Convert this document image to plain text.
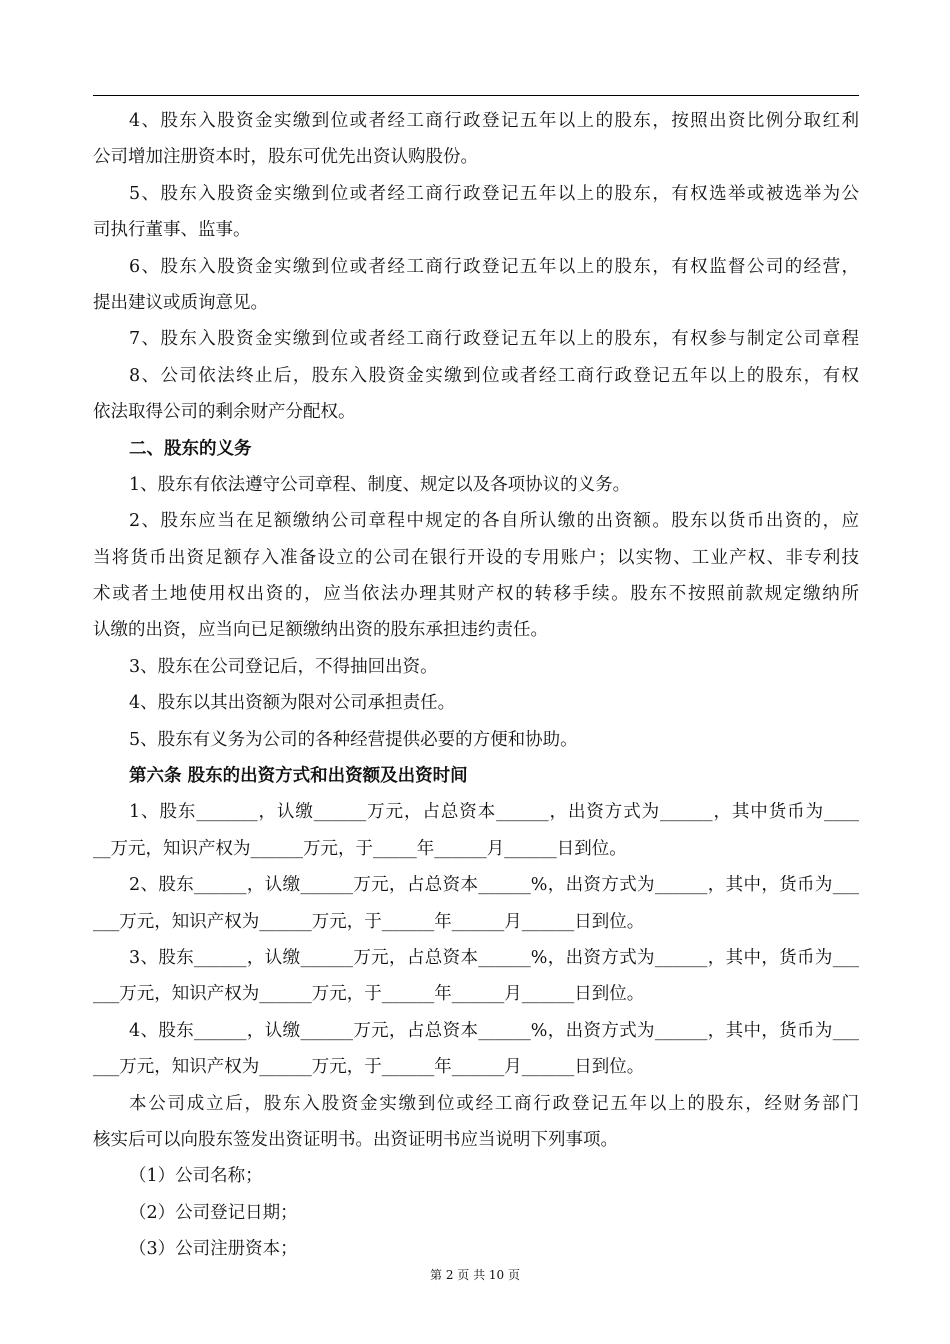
4、股东入股资金实缴到位或者经工商行政登记五年以上的股东，按照出资比例分取红利
公司增加注册资本时，股东可优先出资认购股份。
5、股东入股资金实缴到位或者经工商行政登记五年以上的股东，有权选举或被选举为公
司执行董事、监事。
6、股东入股资金实缴到位或者经工商行政登记五年以上的股东，有权监督公司的经营，
提出建议或质询意见。
7、股东入股资金实缴到位或者经工商行政登记五年以上的股东，有权参与制定公司章程
8、公司依法终止后，股东入股资金实缴到位或者经工商行政登记五年以上的股东，有权
依法取得公司的剩余财产分配权。
二、股东的义务
1、股东有依法遵守公司章程、制度、规定以及各项协议的义务。
2、股东应当在足额缴纳公司章程中规定的各自所认缴的出资额。股东以货币出资的，应
当将货币出资足额存入准备设立的公司在银行开设的专用账户；以实物、工业产权、非专利技
术或者土地使用权出资的，应当依法办理其财产权的转移手续。股东不按照前款规定缴纳所
认缴的出资，应当向已足额缴纳出资的股东承担违约责任。
3、股东在公司登记后，不得抽回出资。
4、股东以其出资额为限对公司承担责任。
5、股东有义务为公司的各种经营提供必要的方便和协助。
第六条 股东的出资方式和出资额及出资时间
1、股东_______，认缴______万元，占总资本______，出资方式为______，其中货币为____
__万元，知识产权为______万元，于_____年______月______日到位。
2、股东______，认缴______万元，占总资本______%，出资方式为______，其中，货币为___
___万元，知识产权为______万元，于______年______月______日到位。
3、股东______，认缴______万元，占总资本______%，出资方式为______，其中，货币为___
___万元，知识产权为______万元，于______年______月______日到位。
4、股东______，认缴______万元，占总资本______%，出资方式为______，其中，货币为___
___万元，知识产权为______万元，于______年______月______日到位。
本公司成立后，股东入股资金实缴到位或经工商行政登记五年以上的股东，经财务部门
核实后可以向股东签发出资证明书。出资证明书应当说明下列事项。
（1）公司名称；
（2）公司登记日期；
（3）公司注册资本；
第 2 页 共 10 页
